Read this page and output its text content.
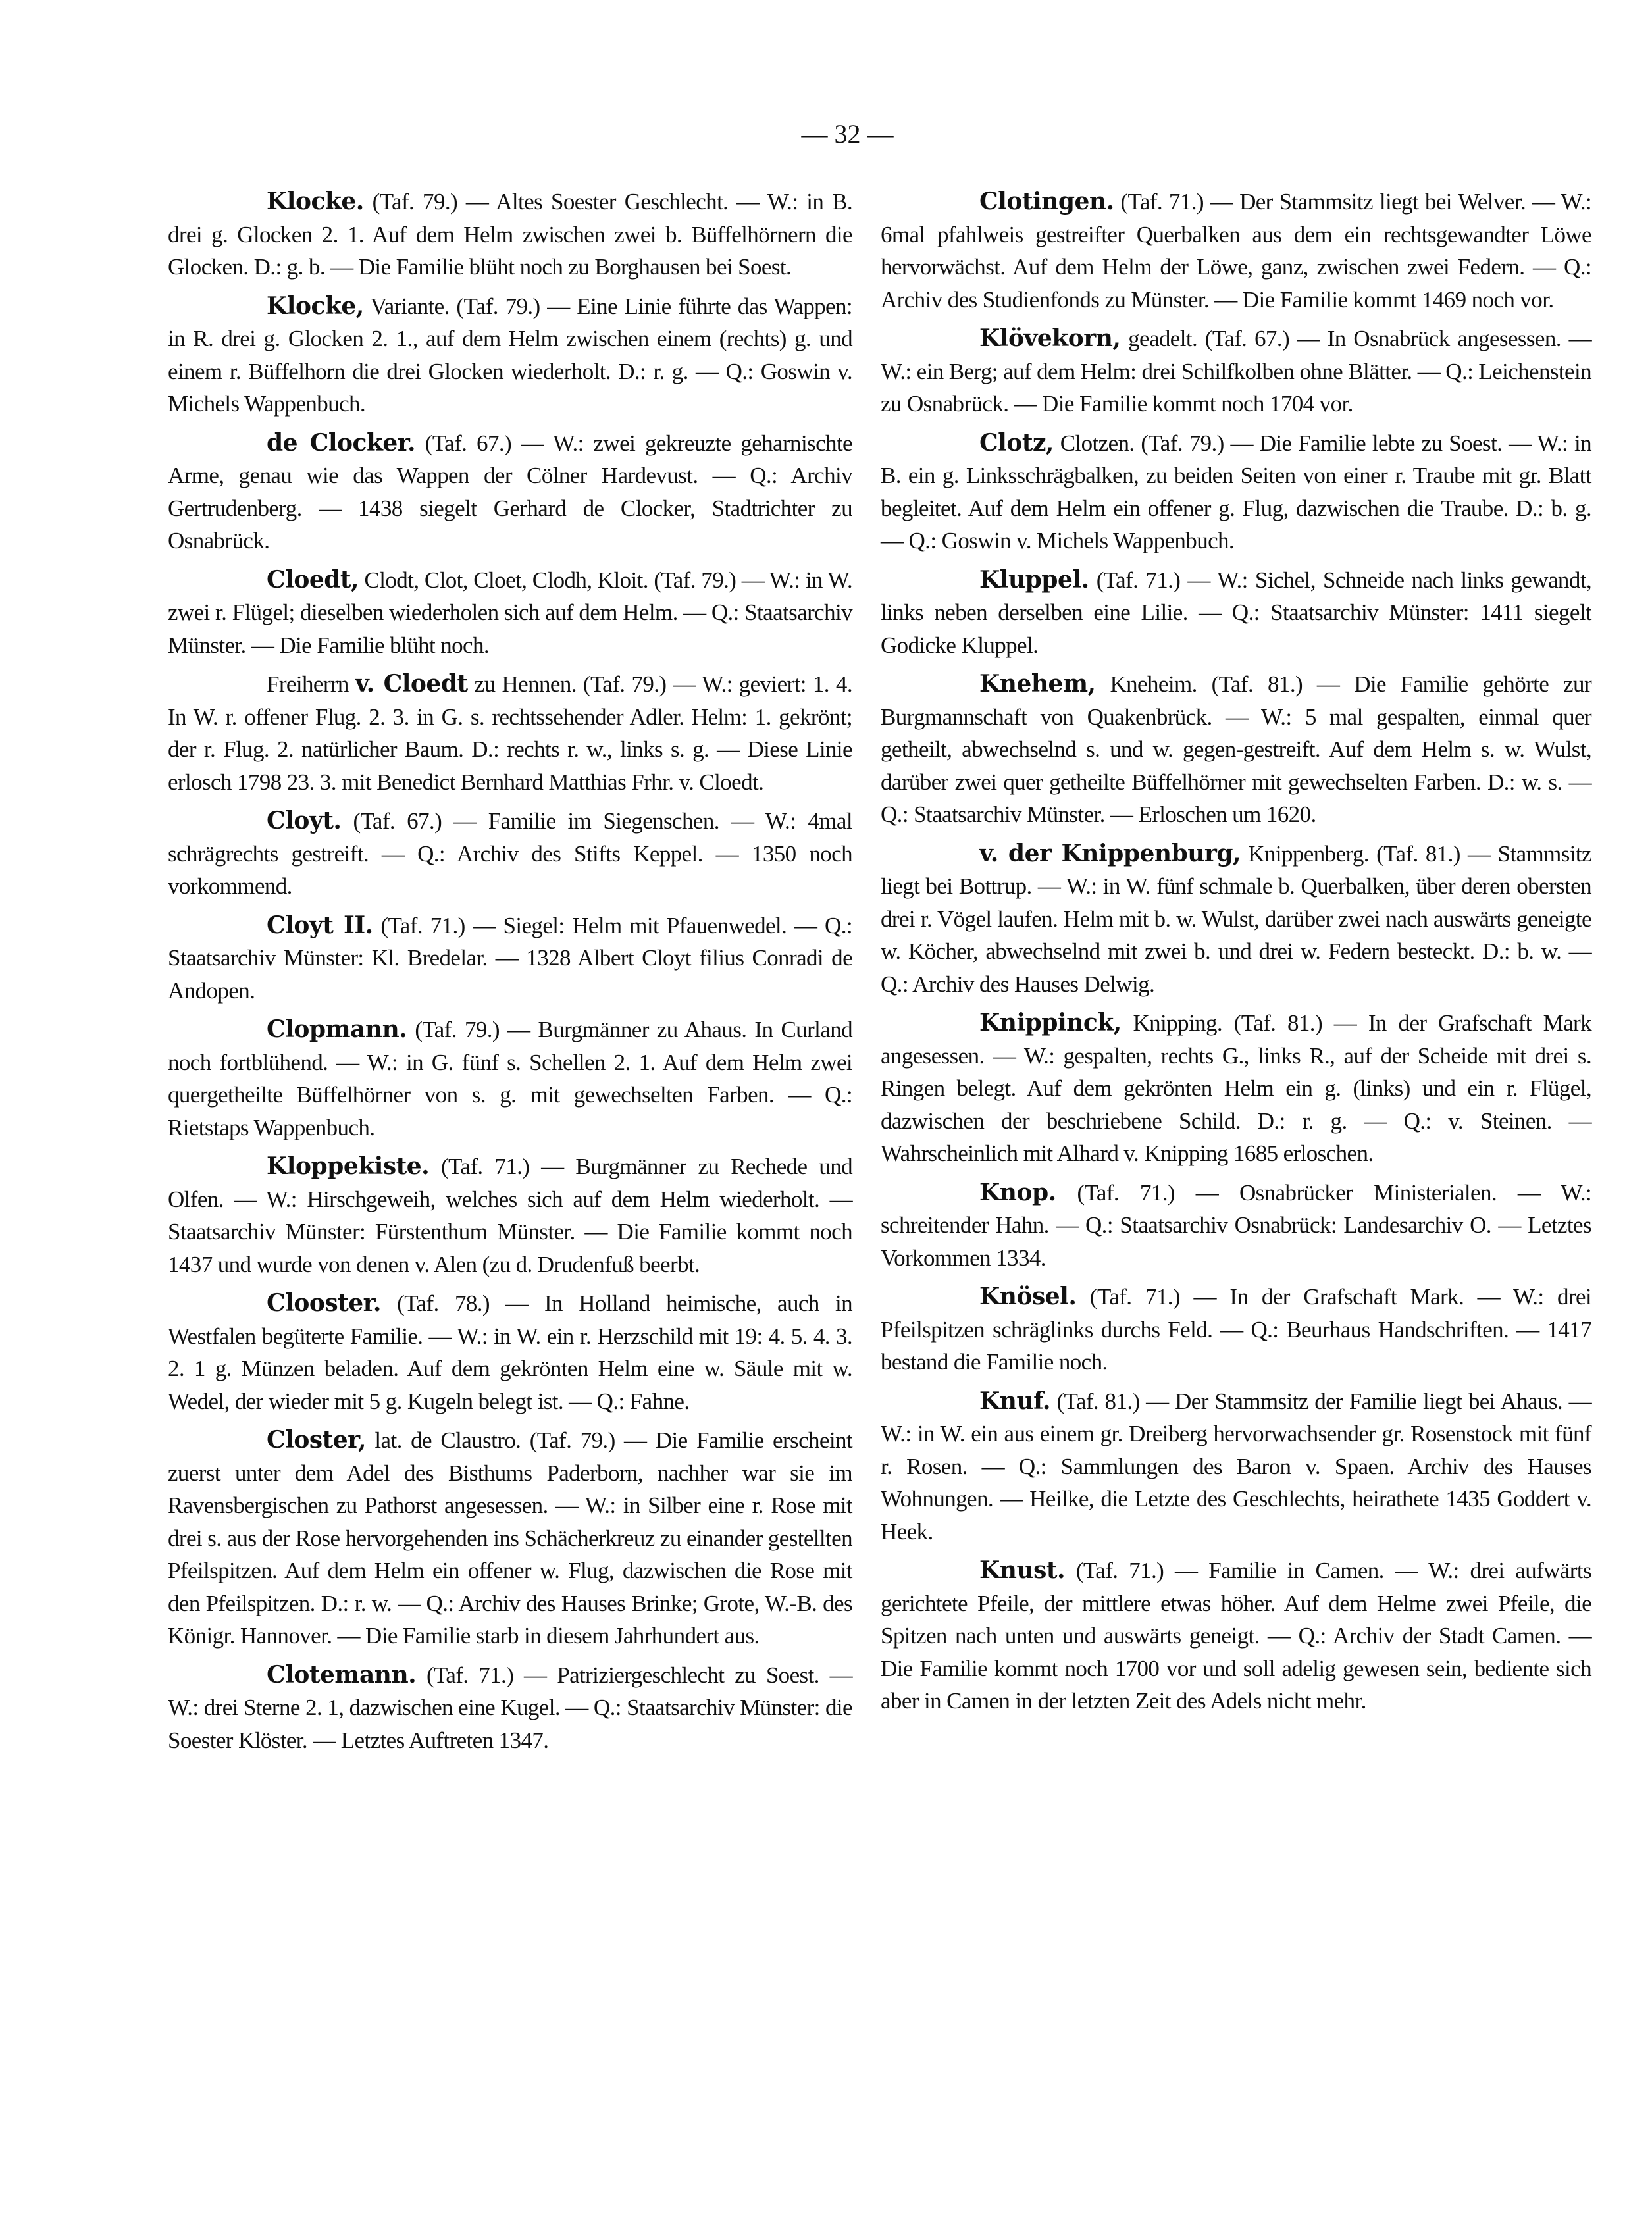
— 32 —

Klocke. (Taf. 79.) — Altes Soester Geschlecht. — W.: in B. drei g. Glocken 2. 1. Auf dem Helm zwischen zwei b. Büffelhörnern die Glocken. D.: g. b. — Die Familie blüht noch zu Borghausen bei Soest.

Klocke, Variante. (Taf. 79.) — Eine Linie führte das Wappen: in R. drei g. Glocken 2. 1., auf dem Helm zwischen einem (rechts) g. und einem r. Büffelhorn die drei Glocken wiederholt. D.: r. g. — Q.: Goswin v. Michels Wappenbuch.

de Clocker. (Taf. 67.) — W.: zwei gekreuzte geharnischte Arme, genau wie das Wappen der Cölner Hardevust. — Q.: Archiv Gertrudenberg. — 1438 siegelt Gerhard de Clocker, Stadtrichter zu Osnabrück.

Cloedt, Clodt, Clot, Cloet, Clodh, Kloit. (Taf. 79.) — W.: in W. zwei r. Flügel; dieselben wiederholen sich auf dem Helm. — Q.: Staatsarchiv Münster. — Die Familie blüht noch.

Freiherrn v. Cloedt zu Hennen. (Taf. 79.) — W.: geviert: 1. 4. In W. r. offener Flug. 2. 3. in G. s. rechtssehender Adler. Helm: 1. gekrönt; der r. Flug. 2. natürlicher Baum. D.: rechts r. w., links s. g. — Diese Linie erlosch 1798 23. 3. mit Benedict Bernhard Matthias Frhr. v. Cloedt.

Cloyt. (Taf. 67.) — Familie im Siegenschen. — W.: 4mal schrägrechts gestreift. — Q.: Archiv des Stifts Keppel. — 1350 noch vorkommend.

Cloyt II. (Taf. 71.) — Siegel: Helm mit Pfauenwedel. — Q.: Staatsarchiv Münster: Kl. Bredelar. — 1328 Albert Cloyt filius Conradi de Andopen.

Clopmann. (Taf. 79.) — Burgmänner zu Ahaus. In Curland noch fortblühend. — W.: in G. fünf s. Schellen 2. 1. Auf dem Helm zwei quergetheilte Büffelhörner von s. g. mit gewechselten Farben. — Q.: Rietstaps Wappenbuch.

Kloppekiste. (Taf. 71.) — Burgmänner zu Rechede und Olfen. — W.: Hirschgeweih, welches sich auf dem Helm wiederholt. — Staatsarchiv Münster: Fürstenthum Münster. — Die Familie kommt noch 1437 und wurde von denen v. Alen (zu d. Drudenfuß beerbt.

Clooster. (Taf. 78.) — In Holland heimische, auch in Westfalen begüterte Familie. — W.: in W. ein r. Herzschild mit 19: 4. 5. 4. 3. 2. 1 g. Münzen beladen. Auf dem gekrönten Helm eine w. Säule mit w. Wedel, der wieder mit 5 g. Kugeln belegt ist. — Q.: Fahne.

Closter, lat. de Claustro. (Taf. 79.) — Die Familie erscheint zuerst unter dem Adel des Bisthums Paderborn, nachher war sie im Ravensbergischen zu Pathorst angesessen. — W.: in Silber eine r. Rose mit drei s. aus der Rose hervorgehenden ins Schächerkreuz zu einander gestellten Pfeilspitzen. Auf dem Helm ein offener w. Flug, dazwischen die Rose mit den Pfeilspitzen. D.: r. w. — Q.: Archiv des Hauses Brinke; Grote, W.-B. des Königr. Hannover. — Die Familie starb in diesem Jahrhundert aus.

Clotemann. (Taf. 71.) — Patriziergeschlecht zu Soest. — W.: drei Sterne 2. 1, dazwischen eine Kugel. — Q.: Staatsarchiv Münster: die Soester Klöster. — Letztes Auftreten 1347.

Clotingen. (Taf. 71.) — Der Stammsitz liegt bei Welver. — W.: 6mal pfahlweis gestreifter Querbalken aus dem ein rechtsgewandter Löwe hervorwächst. Auf dem Helm der Löwe, ganz, zwischen zwei Federn. — Q.: Archiv des Studienfonds zu Münster. — Die Familie kommt 1469 noch vor.

Klövekorn, geadelt. (Taf. 67.) — In Osnabrück angesessen. — W.: ein Berg; auf dem Helm: drei Schilfkolben ohne Blätter. — Q.: Leichenstein zu Osnabrück. — Die Familie kommt noch 1704 vor.

Clotz, Clotzen. (Taf. 79.) — Die Familie lebte zu Soest. — W.: in B. ein g. Linksschrägbalken, zu beiden Seiten von einer r. Traube mit gr. Blatt begleitet. Auf dem Helm ein offener g. Flug, dazwischen die Traube. D.: b. g. — Q.: Goswin v. Michels Wappenbuch.

Kluppel. (Taf. 71.) — W.: Sichel, Schneide nach links gewandt, links neben derselben eine Lilie. — Q.: Staatsarchiv Münster: 1411 siegelt Godicke Kluppel.

Knehem, Kneheim. (Taf. 81.) — Die Familie gehörte zur Burgmannschaft von Quakenbrück. — W.: 5 mal gespalten, einmal quer getheilt, abwechselnd s. und w. gegen-gestreift. Auf dem Helm s. w. Wulst, darüber zwei quer getheilte Büffelhörner mit gewechselten Farben. D.: w. s. — Q.: Staatsarchiv Münster. — Erloschen um 1620.

v. der Knippenburg, Knippenberg. (Taf. 81.) — Stammsitz liegt bei Bottrup. — W.: in W. fünf schmale b. Querbalken, über deren obersten drei r. Vögel laufen. Helm mit b. w. Wulst, darüber zwei nach auswärts geneigte w. Köcher, abwechselnd mit zwei b. und drei w. Federn besteckt. D.: b. w. — Q.: Archiv des Hauses Delwig.

Knippinck, Knipping. (Taf. 81.) — In der Grafschaft Mark angesessen. — W.: gespalten, rechts G., links R., auf der Scheide mit drei s. Ringen belegt. Auf dem gekrönten Helm ein g. (links) und ein r. Flügel, dazwischen der beschriebene Schild. D.: r. g. — Q.: v. Steinen. — Wahrscheinlich mit Alhard v. Knipping 1685 erloschen.

Knop. (Taf. 71.) — Osnabrücker Ministerialen. — W.: schreitender Hahn. — Q.: Staatsarchiv Osnabrück: Landesarchiv O. — Letztes Vorkommen 1334.

Knösel. (Taf. 71.) — In der Grafschaft Mark. — W.: drei Pfeilspitzen schräglinks durchs Feld. — Q.: Beurhaus Handschriften. — 1417 bestand die Familie noch.

Knuf. (Taf. 81.) — Der Stammsitz der Familie liegt bei Ahaus. — W.: in W. ein aus einem gr. Dreiberg hervorwachsender gr. Rosenstock mit fünf r. Rosen. — Q.: Sammlungen des Baron v. Spaen. Archiv des Hauses Wohnungen. — Heilke, die Letzte des Geschlechts, heirathete 1435 Goddert v. Heek.

Knust. (Taf. 71.) — Familie in Camen. — W.: drei aufwärts gerichtete Pfeile, der mittlere etwas höher. Auf dem Helme zwei Pfeile, die Spitzen nach unten und auswärts geneigt. — Q.: Archiv der Stadt Camen. — Die Familie kommt noch 1700 vor und soll adelig gewesen sein, bediente sich aber in Camen in der letzten Zeit des Adels nicht mehr.
